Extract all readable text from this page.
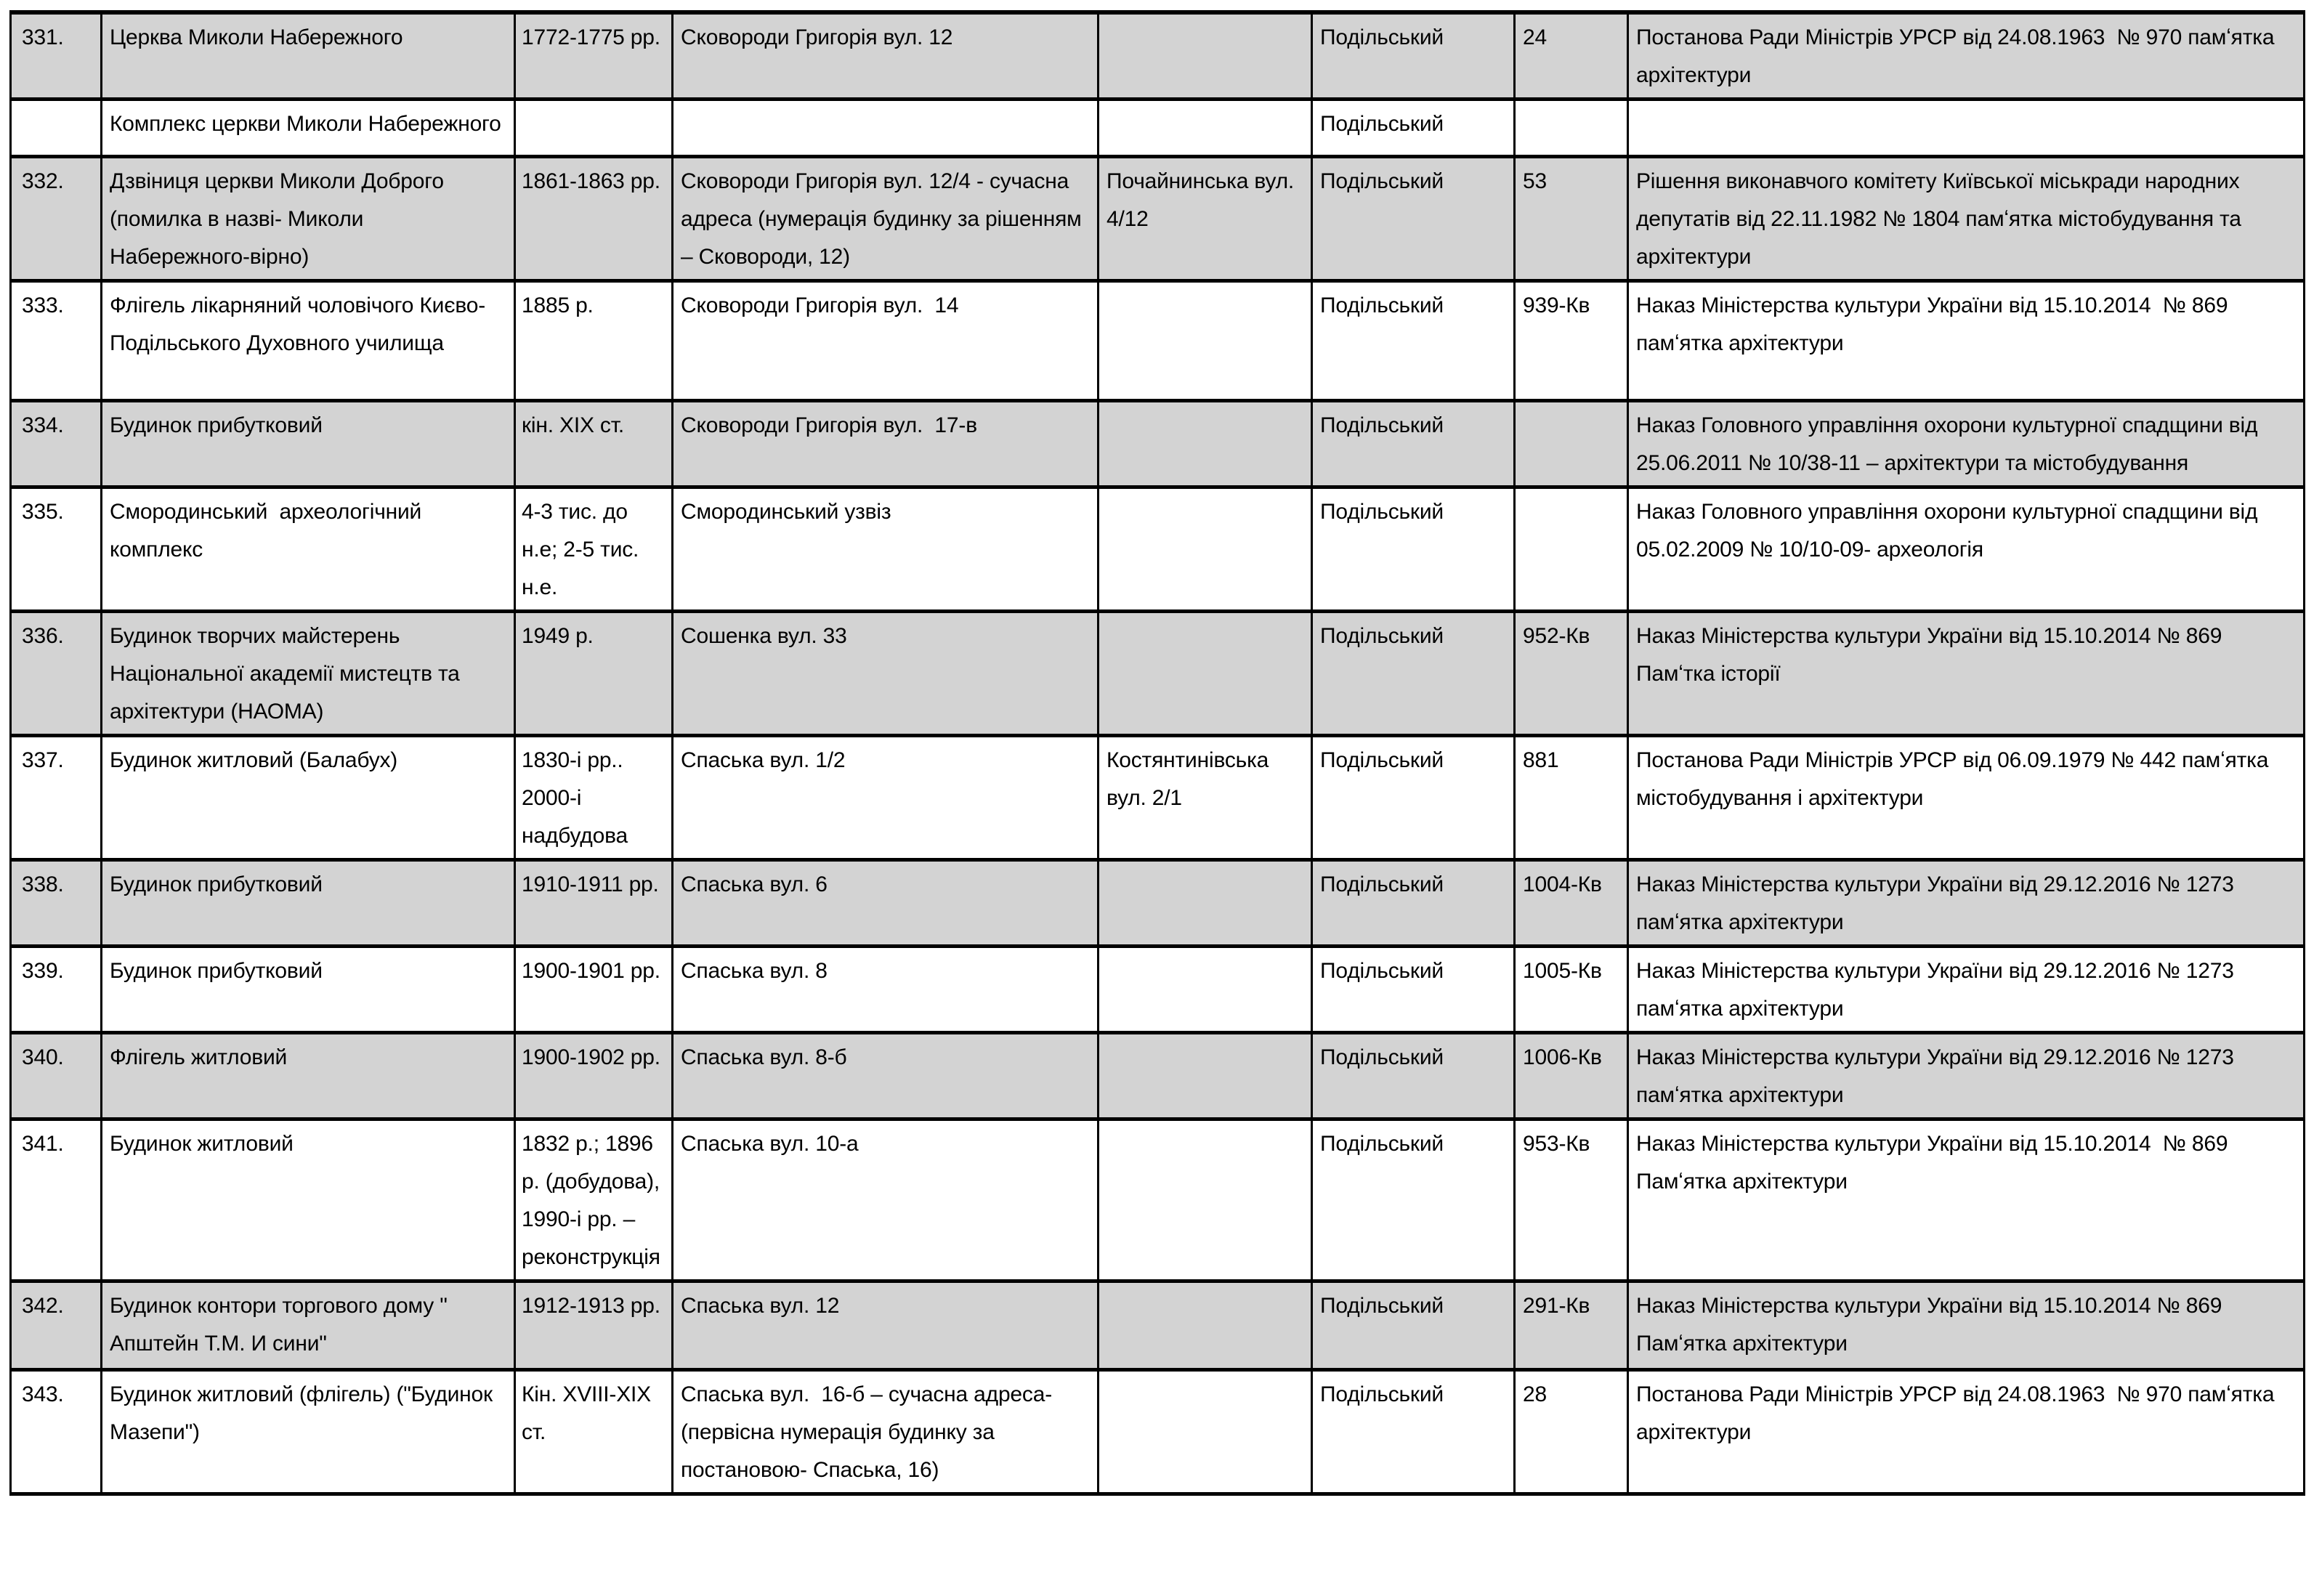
331.	Церква Миколи Набережного	1772-1775 рр.	Сковороди Григорія вул. 12		Подільський	24	Постанова Ради Міністрів УРСР від 24.08.1963  № 970 памʻятка архітектури
	Комплекс церкви Миколи Набережного				Подільський		
332.	Дзвіниця церкви Миколи Доброго (помилка в назві- Миколи Набережного-вірно)	1861-1863 рр.	Сковороди Григорія вул. 12/4 - сучасна адреса (нумерація будинку за рішенням – Сковороди, 12)	Почайнинська вул. 4/12	Подільський	53	Рішення виконавчого комітету Київської міськради народних депутатів від 22.11.1982 № 1804 памʻятка містобудування та архітектури
333.	Флігель лікарняний чоловічого Києво-Подільського Духовного училища	1885 р.	Сковороди Григорія вул.  14		Подільський	939-Кв	Наказ Міністерства культури України від 15.10.2014  № 869 памʻятка архітектури
334.	Будинок прибутковий	кін. ХІХ ст.	Сковороди Григорія вул.  17-в		Подільський		Наказ Головного управління охорони культурної спадщини від 25.06.2011 № 10/38-11 – архітектури та містобудування
335.	Смородинський  археологічний комплекс	4-3 тис. до н.е; 2-5 тис. н.е.	Смородинський узвіз		Подільський		Наказ Головного управління охорони культурної спадщини від 05.02.2009 № 10/10-09- археологія
336.	Будинок творчих майстерень Національної академії мистецтв та архітектури (НАОМА)	1949 р.	Сошенка вул. 33		Подільський	952-Кв	Наказ Міністерства культури України від 15.10.2014 № 869 Памʻтка історії
337.	Будинок житловий (Балабух)	1830-і рр.. 2000-і надбудова	Спаська вул. 1/2	Костянтинівська вул. 2/1	Подільський	881	Постанова Ради Міністрів УРСР від 06.09.1979 № 442 памʻятка містобудування і архітектури
338.	Будинок прибутковий	1910-1911 рр.	Спаська вул. 6		Подільський	1004-Кв	Наказ Міністерства культури України від 29.12.2016 № 1273 памʻятка архітектури
339.	Будинок прибутковий	1900-1901 рр.	Спаська вул. 8		Подільський	1005-Кв	Наказ Міністерства культури України від 29.12.2016 № 1273 памʻятка архітектури
340.	Флігель житловий	1900-1902 рр.	Спаська вул. 8-б		Подільський	1006-Кв	Наказ Міністерства культури України від 29.12.2016 № 1273 памʻятка архітектури
341.	Будинок житловий	1832 р.; 1896 р. (добудова), 1990-і рр. – реконструкція	Спаська вул. 10-а		Подільський	953-Кв	Наказ Міністерства культури України від 15.10.2014  № 869 Памʻятка архітектури
342.	Будинок контори торгового дому " Апштейн Т.М. И сини"	1912-1913 рр.	Спаська вул. 12		Подільський	291-Кв	Наказ Міністерства культури України від 15.10.2014 № 869 Памʻятка архітектури
343.	Будинок житловий (флігель) ("Будинок Мазепи")	Кін. XVIII-XIX ст.	Спаська вул.  16-б – сучасна адреса- (первісна нумерація будинку за постановою- Спаська, 16)		Подільський	28	Постанова Ради Міністрів УРСР від 24.08.1963  № 970 памʻятка архітектури
